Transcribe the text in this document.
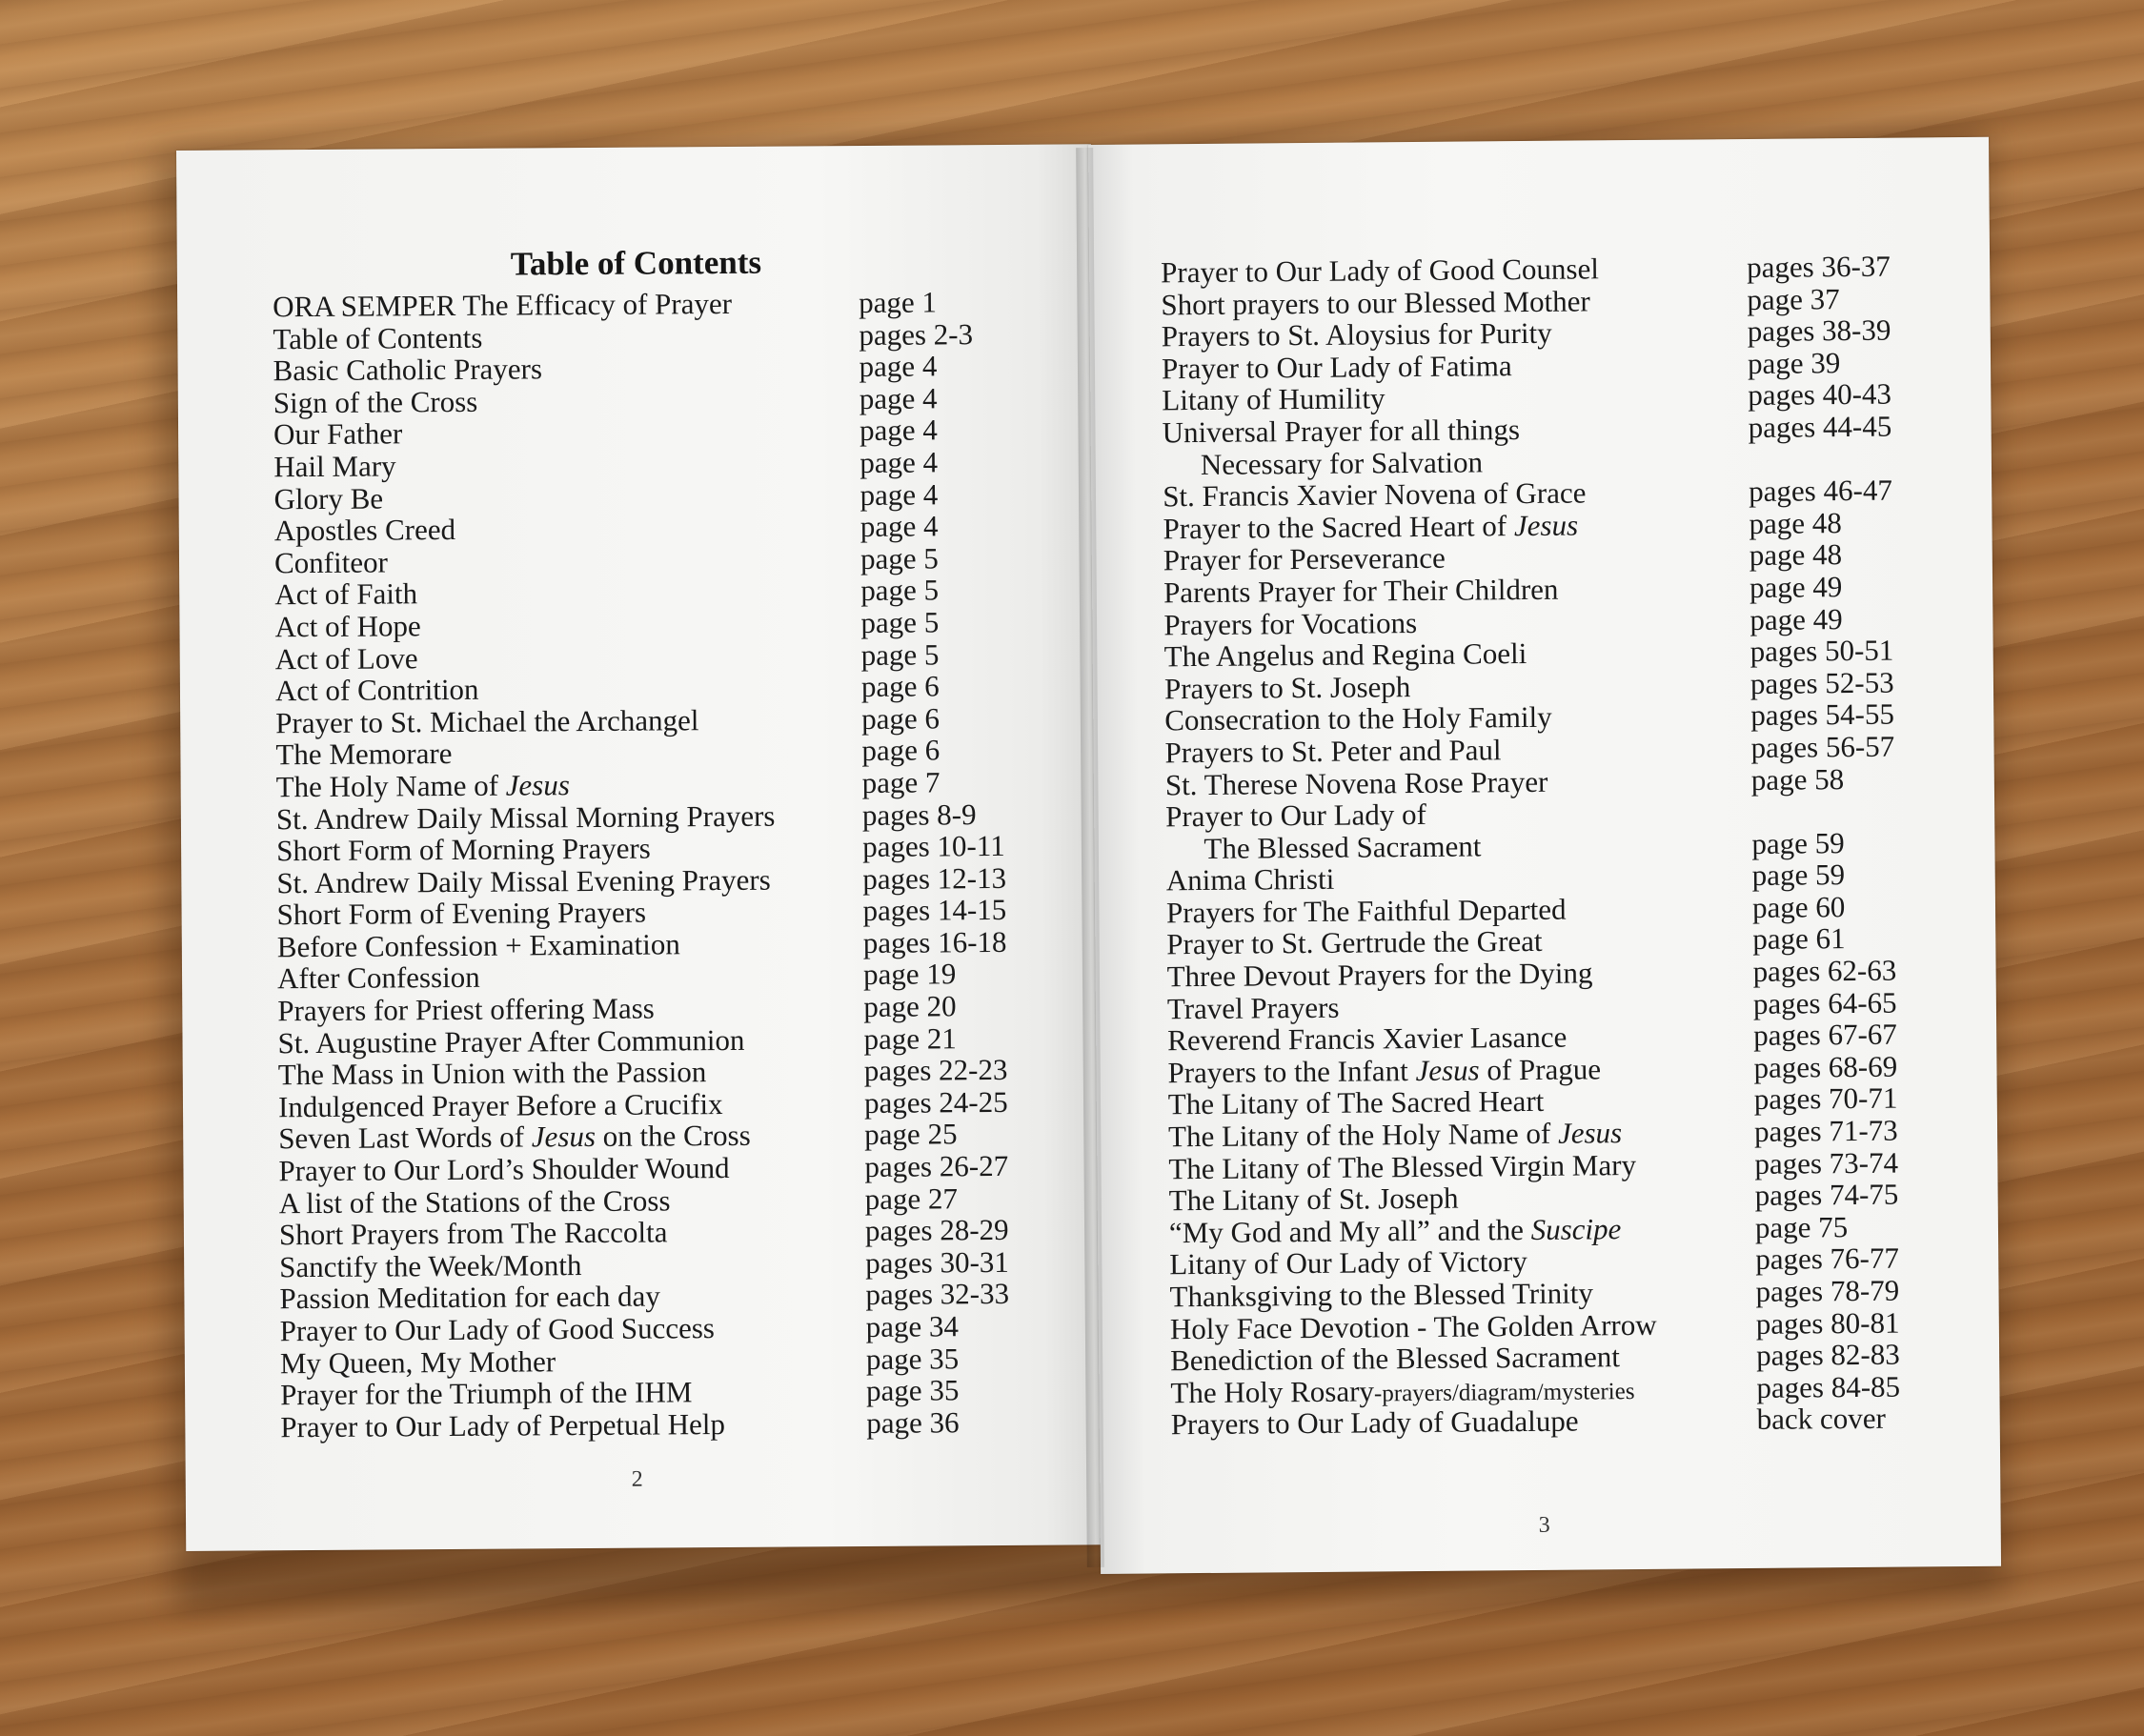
Table of Contents
ORA SEMPER The Efficacy of Prayer	page 1
Table of Contents	pages 2-3
Basic Catholic Prayers	page 4
Sign of the Cross	page 4
Our Father	page 4
Hail Mary	page 4
Glory Be	page 4
Apostles Creed	page 4
Confiteor	page 5
Act of Faith	page 5
Act of Hope	page 5
Act of Love	page 5
Act of Contrition	page 6
Prayer to St. Michael the Archangel	page 6
The Memorare	page 6
The Holy Name of Jesus	page 7
St. Andrew Daily Missal Morning Prayers	pages 8-9
Short Form of Morning Prayers	pages 10-11
St. Andrew Daily Missal Evening Prayers	pages 12-13
Short Form of Evening Prayers	pages 14-15
Before Confession + Examination	pages 16-18
After Confession	page 19
Prayers for Priest offering Mass	page 20
St. Augustine Prayer After Communion	page 21
The Mass in Union with the Passion	pages 22-23
Indulgenced Prayer Before a Crucifix	pages 24-25
Seven Last Words of Jesus on the Cross	page 25
Prayer to Our Lord’s Shoulder Wound	pages 26-27
A list of the Stations of the Cross	page 27
Short Prayers from The Raccolta	pages 28-29
Sanctify the Week/Month	pages 30-31
Passion Meditation for each day	pages 32-33
Prayer to Our Lady of Good Success	page 34
My Queen, My Mother	page 35
Prayer for the Triumph of the IHM	page 35
Prayer to Our Lady of Perpetual Help	page 36
2
Prayer to Our Lady of Good Counsel	pages 36-37
Short prayers to our Blessed Mother	page 37
Prayers to St. Aloysius for Purity	pages 38-39
Prayer to Our Lady of Fatima	page 39
Litany of Humility	pages 40-43
Universal Prayer for all things	pages 44-45
Necessary for Salvation
St. Francis Xavier Novena of Grace	pages 46-47
Prayer to the Sacred Heart of Jesus	page 48
Prayer for Perseverance	page 48
Parents Prayer for Their Children	page 49
Prayers for Vocations	page 49
The Angelus and Regina Coeli	pages 50-51
Prayers to St. Joseph	pages 52-53
Consecration to the Holy Family	pages 54-55
Prayers to St. Peter and Paul	pages 56-57
St. Therese Novena Rose Prayer	page 58
Prayer to Our Lady of
The Blessed Sacrament	page 59
Anima Christi	page 59
Prayers for The Faithful Departed	page 60
Prayer to St. Gertrude the Great	page 61
Three Devout Prayers for the Dying	pages 62-63
Travel Prayers	pages 64-65
Reverend Francis Xavier Lasance	pages 67-67
Prayers to the Infant Jesus of Prague	pages 68-69
The Litany of The Sacred Heart	pages 70-71
The Litany of the Holy Name of Jesus	pages 71-73
The Litany of The Blessed Virgin Mary	pages 73-74
The Litany of St. Joseph	pages 74-75
“My God and My all” and the Suscipe	page 75
Litany of Our Lady of Victory	pages 76-77
Thanksgiving to the Blessed Trinity	pages 78-79
Holy Face Devotion - The Golden Arrow	pages 80-81
Benediction of the Blessed Sacrament	pages 82-83
The Holy Rosary-prayers/diagram/mysteries	pages 84-85
Prayers to Our Lady of Guadalupe	back cover
3
